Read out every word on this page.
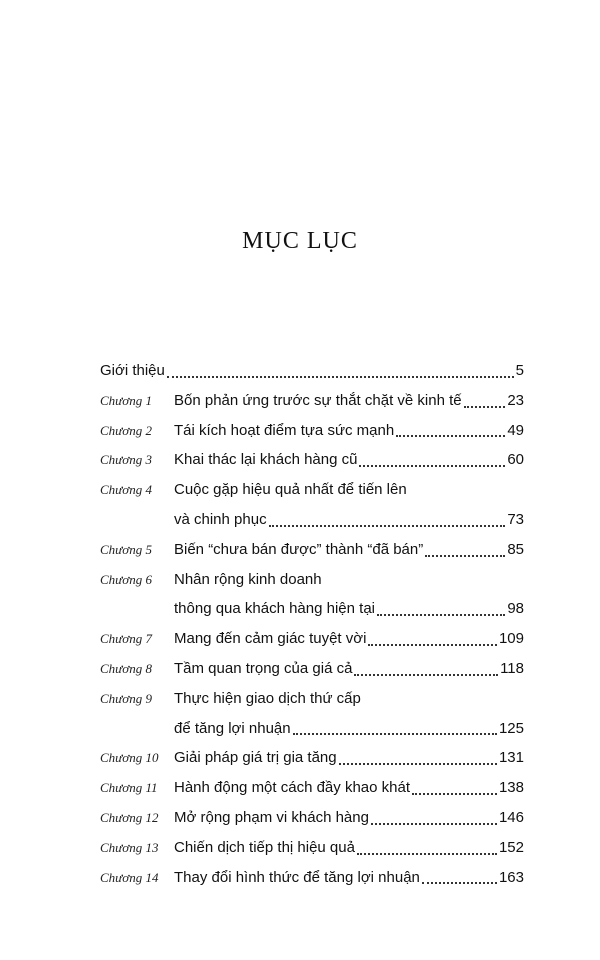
MỤC LỤC
Giới thiệu	5
Chương 1	Bốn phản ứng trước sự thắt chặt về kinh tế	23
Chương 2	Tái kích hoạt điểm tựa sức mạnh	49
Chương 3	Khai thác lại khách hàng cũ	60
Chương 4	Cuộc gặp hiệu quả nhất để tiến lên
và chinh phục	73
Chương 5	Biến “chưa bán được” thành “đã bán”	85
Chương 6	Nhân rộng kinh doanh
thông qua khách hàng hiện tại	98
Chương 7	Mang đến cảm giác tuyệt vời	109
Chương 8	Tầm quan trọng của giá cả	118
Chương 9	Thực hiện giao dịch thứ cấp
để tăng lợi nhuận	125
Chương 10	Giải pháp giá trị gia tăng	131
Chương 11	Hành động một cách đầy khao khát	138
Chương 12	Mở rộng phạm vi khách hàng	146
Chương 13	Chiến dịch tiếp thị hiệu quả	152
Chương 14	Thay đổi hình thức để tăng lợi nhuận	163
